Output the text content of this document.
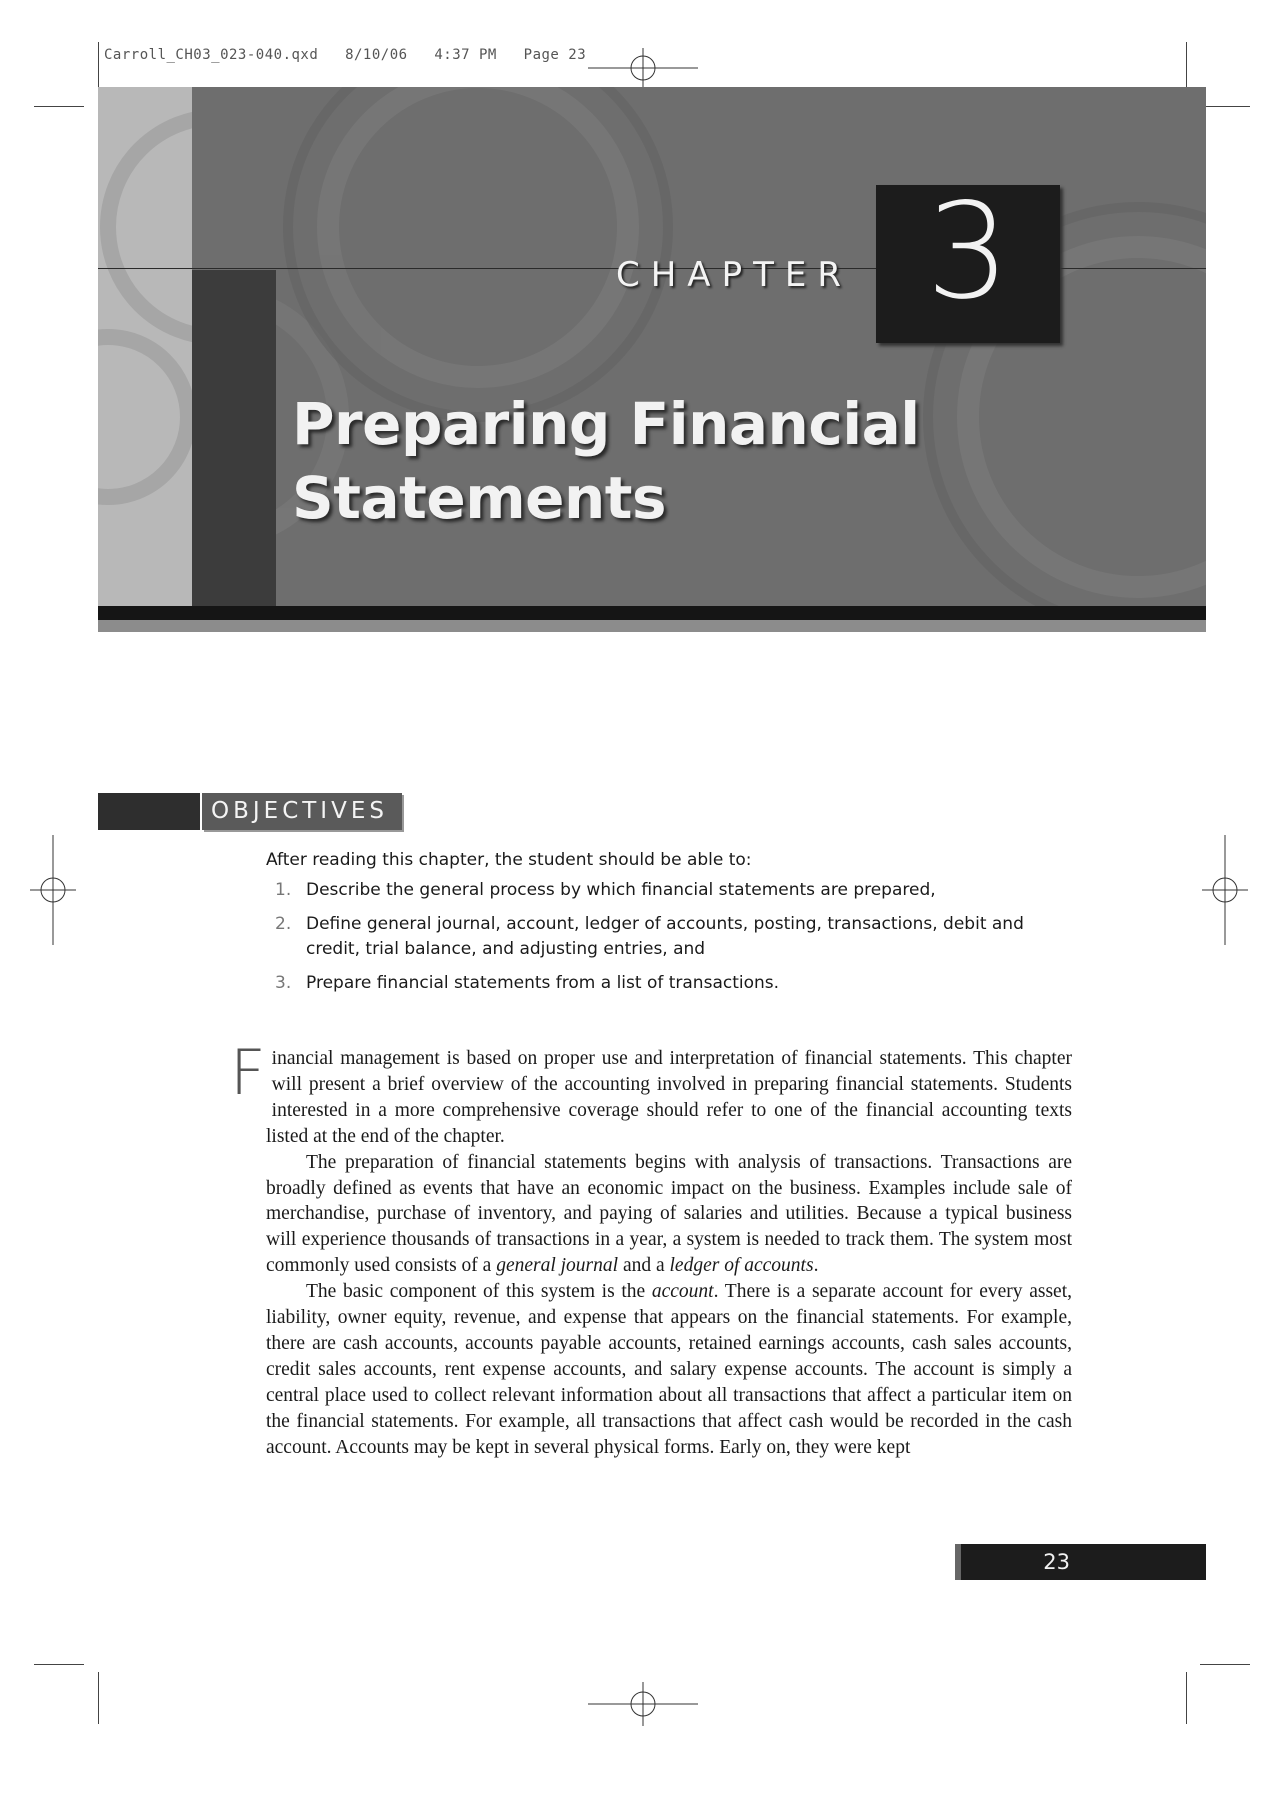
Carroll_CH03_023-040.qxd   8/10/06   4:37 PM   Page 23
CHAPTER 3
Preparing Financial
Statements
OBJECTIVES
After reading this chapter, the student should be able to:
1. Describe the general process by which financial statements are prepared,
2. Define general journal, account, ledger of accounts, posting, transactions, debit and credit, trial balance, and adjusting entries, and
3. Prepare financial statements from a list of transactions.

Financial management is based on proper use and interpretation of financial statements. This chapter will present a brief overview of the accounting involved in preparing financial statements. Students interested in a more comprehensive coverage should refer to one of the financial accounting texts listed at the end of the chapter.

The preparation of financial statements begins with analysis of transactions. Transactions are broadly defined as events that have an economic impact on the business. Examples include sale of merchandise, purchase of inventory, and paying of salaries and utilities. Because a typical business will experience thousands of transactions in a year, a system is needed to track them. The system most commonly used consists of a general journal and a ledger of accounts.

The basic component of this system is the account. There is a separate account for every asset, liability, owner equity, revenue, and expense that appears on the financial statements. For example, there are cash accounts, accounts payable accounts, retained earnings accounts, cash sales accounts, credit sales accounts, rent expense accounts, and salary expense accounts. The account is simply a central place used to collect relevant information about all transactions that affect a particular item on the financial statements. For example, all transactions that affect cash would be recorded in the cash account. Accounts may be kept in several physical forms. Early on, they were kept

23
